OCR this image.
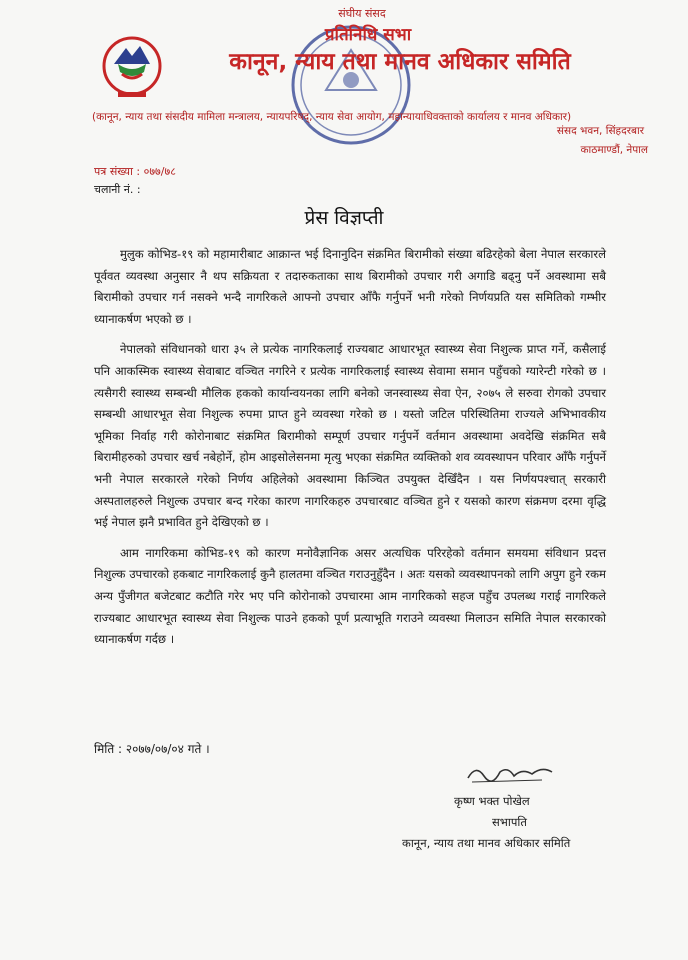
संघीय संसद
प्रतिनिधि सभा
कानून, न्याय तथा मानव अधिकार समिति
(कानून, न्याय तथा संसदीय मामिला मन्त्रालय, न्यायपरिषद्, न्याय सेवा आयोग, महान्यायाधिवक्ताको कार्यालय र मानव अधिकार)
संसद भवन, सिंहदरबार
काठमाण्डौं, नेपाल
पत्र संख्या : ०७७/७८
चलानी नं. :
प्रेस विज्ञप्ती

मुलुक कोभिड-१९ को महामारीबाट आक्रान्त भई दिनानुदिन संक्रमित बिरामीको संख्या बढिरहेको बेला नेपाल सरकारले पूर्ववत व्यवस्था अनुसार नै थप सक्रियता र तदारुकताका साथ बिरामीको उपचार गरी अगाडि बढ्नु पर्ने अवस्थामा सबै बिरामीको उपचार गर्न नसक्ने भन्दै नागरिकले आफ्नो उपचार आँफै गर्नुपर्ने भनी गरेको निर्णयप्रति यस समितिको गम्भीर ध्यानाकर्षण भएको छ ।

नेपालको संविधानको धारा ३५ ले प्रत्येक नागरिकलाई राज्यबाट आधारभूत स्वास्थ्य सेवा निशुल्क प्राप्त गर्ने, कसैलाई पनि आकस्मिक स्वास्थ्य सेवाबाट वञ्चित नगरिने र प्रत्येक नागरिकलाई स्वास्थ्य सेवामा समान पहुँचको ग्यारेन्टी गरेको छ । त्यसैगरी स्वास्थ्य सम्बन्धी मौलिक हकको कार्यान्वयनका लागि बनेको जनस्वास्थ्य सेवा ऐन, २०७५ ले सरुवा रोगको उपचार सम्बन्धी आधारभूत सेवा निशुल्क रुपमा प्राप्त हुने व्यवस्था गरेको छ । यस्तो जटिल परिस्थितिमा राज्यले अभिभावकीय भूमिका निर्वाह गरी कोरोनाबाट संक्रमित बिरामीको सम्पूर्ण उपचार गर्नुपर्ने वर्तमान अवस्थामा अवदेखि संक्रमित सबै बिरामीहरुको उपचार खर्च नबेहोर्ने, होम आइसोलेसनमा मृत्यु भएका संक्रमित व्यक्तिको शव व्यवस्थापन परिवार आँफै गर्नुपर्ने भनी नेपाल सरकारले गरेको निर्णय अहिलेको अवस्थामा किञ्चित उपयुक्त देखिँदैन । यस निर्णयपश्चात् सरकारी अस्पतालहरुले निशुल्क उपचार बन्द गरेका कारण नागरिकहरु उपचारबाट वञ्चित हुने र यसको कारण संक्रमण दरमा वृद्धि भई नेपाल झनै प्रभावित हुने देखिएको छ ।

आम नागरिकमा कोभिड-१९ को कारण मनोवैज्ञानिक असर अत्यधिक परिरहेको वर्तमान समयमा संविधान प्रदत्त निशुल्क उपचारको हकबाट नागरिकलाई कुनै हालतमा वञ्चित गराउनुहुँदैन । अतः यसको व्यवस्थापनको लागि अपुग हुने रकम अन्य पुँजीगत बजेटबाट कटौति गरेर भए पनि कोरोनाको उपचारमा आम नागरिकको सहज पहुँच उपलब्ध गराई नागरिकले राज्यबाट आधारभूत स्वास्थ्य सेवा निशुल्क पाउने हकको पूर्ण प्रत्याभूति गराउने व्यवस्था मिलाउन समिति नेपाल सरकारको ध्यानाकर्षण गर्दछ ।

मिति : २०७७/०७/०४ गते ।
कृष्ण भक्त पोखेल
सभापति
कानून, न्याय तथा मानव अधिकार समिति
